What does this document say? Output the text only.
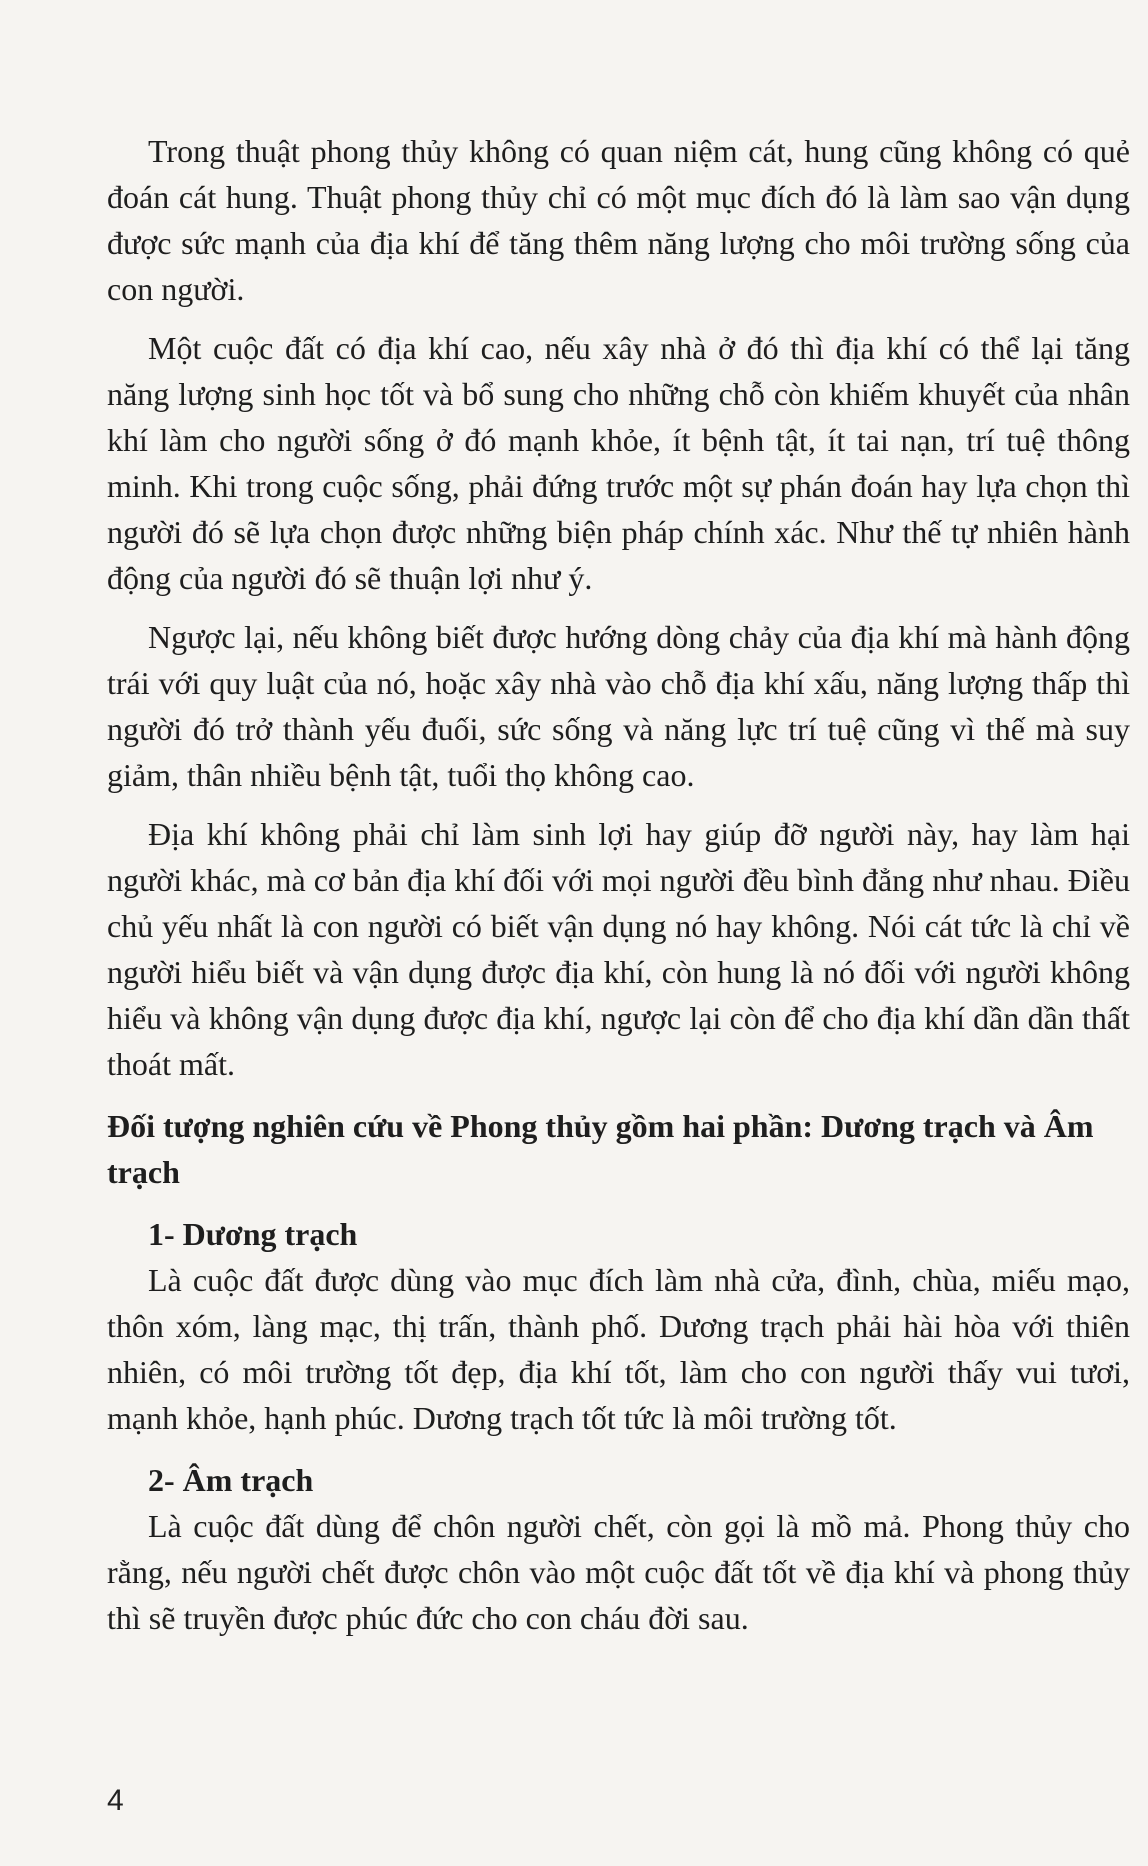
Trong thuật phong thủy không có quan niệm cát, hung cũng không có quẻ đoán cát hung. Thuật phong thủy chỉ có một mục đích đó là làm sao vận dụng được sức mạnh của địa khí để tăng thêm năng lượng cho môi trường sống của con người.

Một cuộc đất có địa khí cao, nếu xây nhà ở đó thì địa khí có thể lại tăng năng lượng sinh học tốt và bổ sung cho những chỗ còn khiếm khuyết của nhân khí làm cho người sống ở đó mạnh khỏe, ít bệnh tật, ít tai nạn, trí tuệ thông minh. Khi trong cuộc sống, phải đứng trước một sự phán đoán hay lựa chọn thì người đó sẽ lựa chọn được những biện pháp chính xác. Như thế tự nhiên hành động của người đó sẽ thuận lợi như ý.

Ngược lại, nếu không biết được hướng dòng chảy của địa khí mà hành động trái với quy luật của nó, hoặc xây nhà vào chỗ địa khí xấu, năng lượng thấp thì người đó trở thành yếu đuối, sức sống và năng lực trí tuệ cũng vì thế mà suy giảm, thân nhiều bệnh tật, tuổi thọ không cao.

Địa khí không phải chỉ làm sinh lợi hay giúp đỡ người này, hay làm hại người khác, mà cơ bản địa khí đối với mọi người đều bình đẳng như nhau. Điều chủ yếu nhất là con người có biết vận dụng nó hay không. Nói cát tức là chỉ về người hiểu biết và vận dụng được địa khí, còn hung là nó đối với người không hiểu và không vận dụng được địa khí, ngược lại còn để cho địa khí dần dần thất thoát mất.

Đối tượng nghiên cứu về Phong thủy gồm hai phần: Dương trạch và Âm trạch
1- Dương trạch

Là cuộc đất được dùng vào mục đích làm nhà cửa, đình, chùa, miếu mạo, thôn xóm, làng mạc, thị trấn, thành phố. Dương trạch phải hài hòa với thiên nhiên, có môi trường tốt đẹp, địa khí tốt, làm cho con người thấy vui tươi, mạnh khỏe, hạnh phúc. Dương trạch tốt tức là môi trường tốt.

2- Âm trạch

Là cuộc đất dùng để chôn người chết, còn gọi là mồ mả. Phong thủy cho rằng, nếu người chết được chôn vào một cuộc đất tốt về địa khí và phong thủy thì sẽ truyền được phúc đức cho con cháu đời sau.

4
